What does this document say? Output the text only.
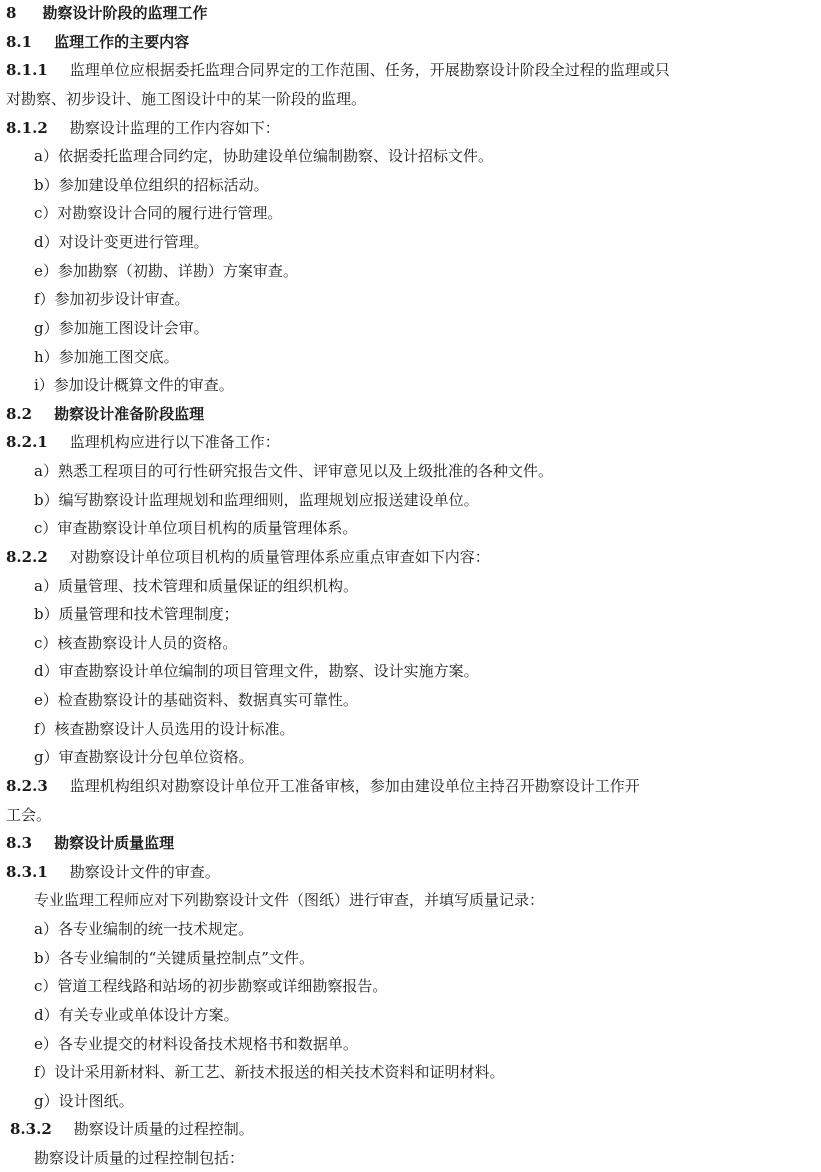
8 勘察设计阶段的监理工作
8.1 监理工作的主要内容
8.1.1 监理单位应根据委托监理合同界定的工作范围、任务，开展勘察设计阶段全过程的监理或只
对勘察、初步设计、施工图设计中的某一阶段的监理。
8.1.2 勘察设计监理的工作内容如下：
a）依据委托监理合同约定，协助建设单位编制勘察、设计招标文件。
b）参加建设单位组织的招标活动。
c）对勘察设计合同的履行进行管理。
d）对设计变更进行管理。
e）参加勘察（初勘、详勘）方案审查。
f）参加初步设计审查。
g）参加施工图设计会审。
h）参加施工图交底。
i）参加设计概算文件的审查。
8.2 勘察设计准备阶段监理
8.2.1 监理机构应进行以下准备工作：
a）熟悉工程项目的可行性研究报告文件、评审意见以及上级批准的各种文件。
b）编写勘察设计监理规划和监理细则，监理规划应报送建设单位。
c）审查勘察设计单位项目机构的质量管理体系。
8.2.2 对勘察设计单位项目机构的质量管理体系应重点审查如下内容：
a）质量管理、技术管理和质量保证的组织机构。
b）质量管理和技术管理制度；
c）核查勘察设计人员的资格。
d）审查勘察设计单位编制的项目管理文件，勘察、设计实施方案。
e）检查勘察设计的基础资料、数据真实可靠性。
f）核查勘察设计人员选用的设计标准。
g）审查勘察设计分包单位资格。
8.2.3 监理机构组织对勘察设计单位开工准备审核，参加由建设单位主持召开勘察设计工作开
工会。
8.3 勘察设计质量监理
8.3.1 勘察设计文件的审查。
专业监理工程师应对下列勘察设计文件（图纸）进行审查，并填写质量记录：
a）各专业编制的统一技术规定。
b）各专业编制的“关键质量控制点”文件。
c）管道工程线路和站场的初步勘察或详细勘察报告。
d）有关专业或单体设计方案。
e）各专业提交的材料设备技术规格书和数据单。
f）设计采用新材料、新工艺、新技术报送的相关技术资料和证明材料。
g）设计图纸。
8.3.2 勘察设计质量的过程控制。
勘察设计质量的过程控制包括：
